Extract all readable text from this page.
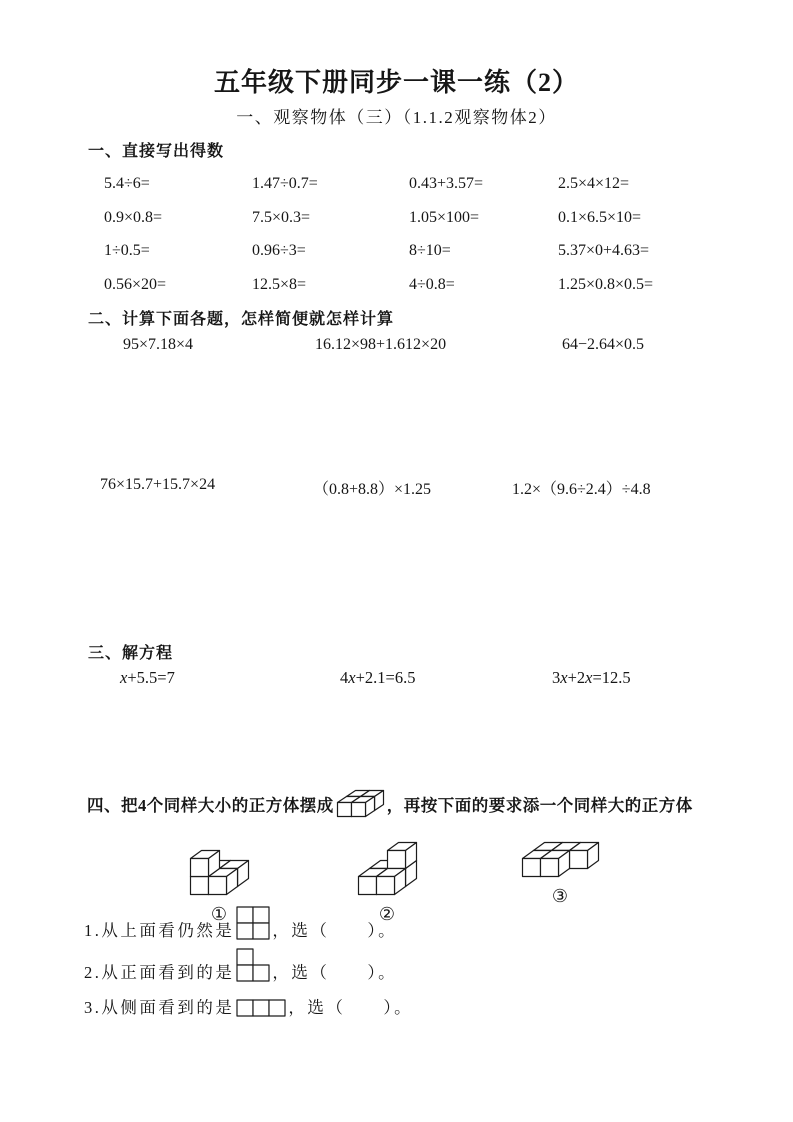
五年级下册同步一课一练（2）
一、观察物体（三）（1.1.2观察物体2）
一、直接写出得数
5.4÷6=	1.47÷0.7=	0.43+3.57=	2.5×4×12=
0.9×0.8=	7.5×0.3=	1.05×100=	0.1×6.5×10=
1÷0.5=	0.96÷3=	8÷10=	5.37×0+4.63=
0.56×20=	12.5×8=	4÷0.8=	1.25×0.8×0.5=
二、计算下面各题，怎样简便就怎样计算
95×7.18×4	16.12×98+1.612×20	64−2.64×0.5
76×15.7+15.7×24	（0.8+8.8）×1.25	1.2×（9.6÷2.4）÷4.8
三、解方程
x+5.5=7	4x+2.1=6.5	3x+2x=12.5
四、把4个同样大小的正方体摆成	，再按下面的要求添一个同样大的正方体
①	②
③
1.从上面看仍然是 ，选（　　）。
2.从正面看到的是 ，选（　　）。
3.从侧面看到的是	，选（　　）。
